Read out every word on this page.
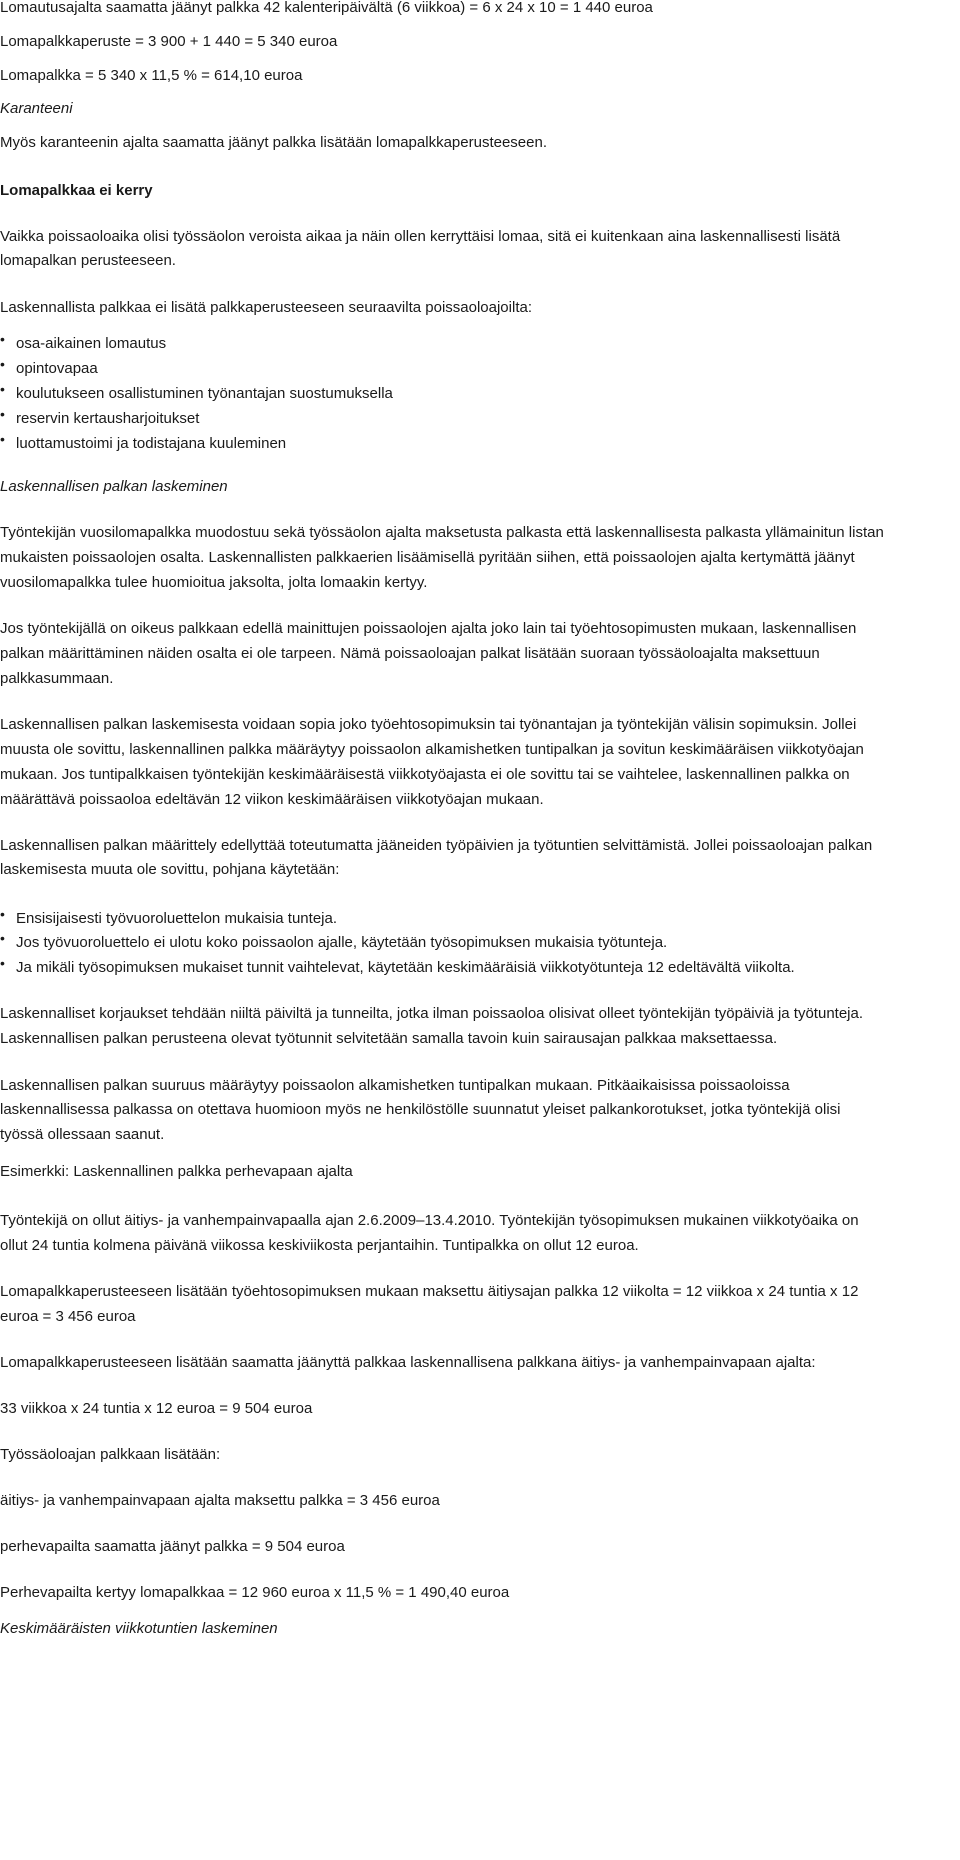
Lomautusajalta saamatta jäänyt palkka 42 kalenteripäivältä (6 viikkoa) = 6 x 24 x 10 = 1 440 euroa
Lomapalkkaperuste = 3 900 + 1 440 = 5 340 euroa
Lomapalkka = 5 340 x 11,5 % = 614,10 euroa
Karanteeni
Myös karanteenin ajalta saamatta jäänyt palkka lisätään lomapalkkaperusteeseen.
Lomapalkkaa ei kerry
Vaikka poissaoloaika olisi työssäolon veroista aikaa ja näin ollen kerryttäisi lomaa, sitä ei kuitenkaan aina laskennallisesti lisätä
lomapalkan perusteeseen.
Laskennallista palkkaa ei lisätä palkkaperusteeseen seuraavilta poissaoloajoilta:
• osa-aikainen lomautus
• opintovapaa
• koulutukseen osallistuminen työnantajan suostumuksella
• reservin kertausharjoitukset
• luottamustoimi ja todistajana kuuleminen
Laskennallisen palkan laskeminen
Työntekijän vuosilomapalkka muodostuu sekä työssäolon ajalta maksetusta palkasta että laskennallisesta palkasta yllämainitun listan
mukaisten poissaolojen osalta. Laskennallisten palkkaerien lisäämisellä pyritään siihen, että poissaolojen ajalta kertymättä jäänyt
vuosilomapalkka tulee huomioitua jaksolta, jolta lomaakin kertyy.
Jos työntekijällä on oikeus palkkaan edellä mainittujen poissaolojen ajalta joko lain tai työehtosopimusten mukaan, laskennallisen
palkan määrittäminen näiden osalta ei ole tarpeen. Nämä poissaoloajan palkat lisätään suoraan työssäoloajalta maksettuun
palkkasummaan.
Laskennallisen palkan laskemisesta voidaan sopia joko työehtosopimuksin tai työnantajan ja työntekijän välisin sopimuksin. Jollei
muusta ole sovittu, laskennallinen palkka määräytyy poissaolon alkamishetken tuntipalkan ja sovitun keskimääräisen viikkotyöajan
mukaan. Jos tuntipalkkaisen työntekijän keskimääräisestä viikkotyöajasta ei ole sovittu tai se vaihtelee, laskennallinen palkka on
määrättävä poissaoloa edeltävän 12 viikon keskimääräisen viikkotyöajan mukaan.
Laskennallisen palkan määrittely edellyttää toteutumatta jääneiden työpäivien ja työtuntien selvittämistä. Jollei poissaoloajan palkan
laskemisesta muuta ole sovittu, pohjana käytetään:
• Ensisijaisesti työvuoroluettelon mukaisia tunteja.
• Jos työvuoroluettelo ei ulotu koko poissaolon ajalle, käytetään työsopimuksen mukaisia työtunteja.
• Ja mikäli työsopimuksen mukaiset tunnit vaihtelevat, käytetään keskimääräisiä viikkotyötunteja 12 edeltävältä viikolta.
Laskennalliset korjaukset tehdään niiltä päiviltä ja tunneilta, jotka ilman poissaoloa olisivat olleet työntekijän työpäiviä ja työtunteja.
Laskennallisen palkan perusteena olevat työtunnit selvitetään samalla tavoin kuin sairausajan palkkaa maksettaessa.
Laskennallisen palkan suuruus määräytyy poissaolon alkamishetken tuntipalkan mukaan. Pitkäaikaisissa poissaoloissa
laskennallisessa palkassa on otettava huomioon myös ne henkilöstölle suunnatut yleiset palkankorotukset, jotka työntekijä olisi
työssä ollessaan saanut.
Esimerkki: Laskennallinen palkka perhevapaan ajalta
Työntekijä on ollut äitiys- ja vanhempainvapaalla ajan 2.6.2009–13.4.2010. Työntekijän työsopimuksen mukainen viikkotyöaika on
ollut 24 tuntia kolmena päivänä viikossa keskiviikosta perjantaihin. Tuntipalkka on ollut 12 euroa.
Lomapalkkaperusteeseen lisätään työehtosopimuksen mukaan maksettu äitiysajan palkka 12 viikolta = 12 viikkoa x 24 tuntia x 12
euroa = 3 456 euroa
Lomapalkkaperusteeseen lisätään saamatta jäänyttä palkkaa laskennallisena palkkana äitiys- ja vanhempainvapaan ajalta:
33 viikkoa x 24 tuntia x 12 euroa = 9 504 euroa
Työssäoloajan palkkaan lisätään:
äitiys- ja vanhempainvapaan ajalta maksettu palkka = 3 456 euroa
perhevapailta saamatta jäänyt palkka = 9 504 euroa
Perhevapailta kertyy lomapalkkaa = 12 960 euroa x 11,5 % = 1 490,40 euroa
Keskimääräisten viikkotuntien laskeminen
